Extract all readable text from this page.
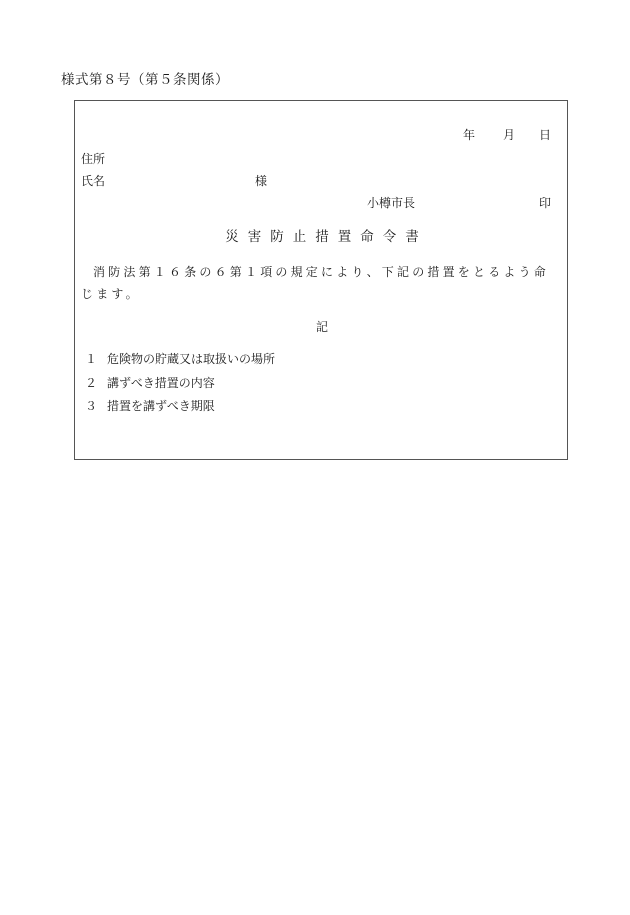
様式第８号（第５条関係）
年 月 日
住所
氏名	様
小樽市長	印
災害防止措置命令書
消防法第１６条の６第１項の規定により、下記の措置をとるよう命じます。
記
１ 危険物の貯蔵又は取扱いの場所
２ 講ずべき措置の内容
３ 措置を講ずべき期限
